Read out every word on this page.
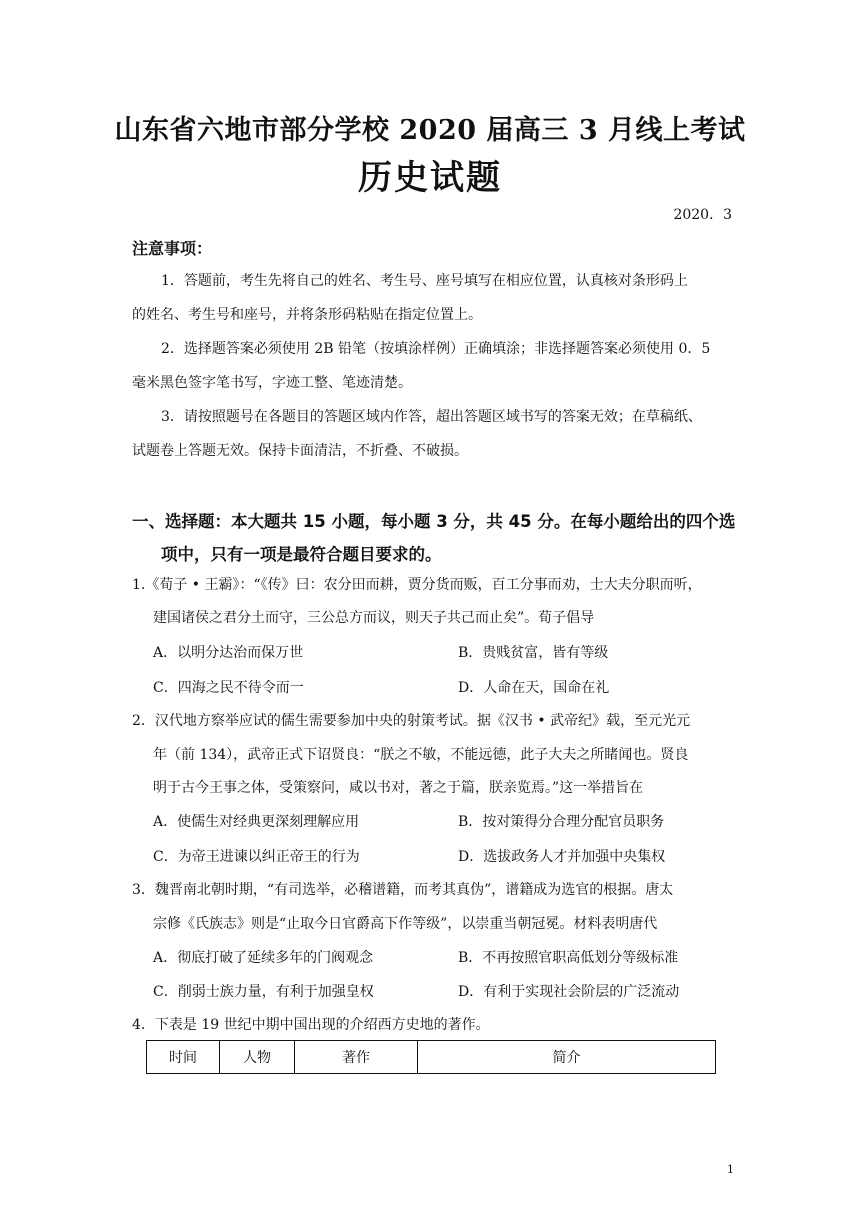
山东省六地市部分学校 2020 届高三 3 月线上考试
历史试题
2020．3
注意事项：
1．答题前，考生先将自己的姓名、考生号、座号填写在相应位置，认真核对条形码上
的姓名、考生号和座号，并将条形码粘贴在指定位置上。
2．选择题答案必须使用 2B 铅笔（按填涂样例）正确填涂；非选择题答案必须使用 0．5
毫米黑色签字笔书写，字迹工整、笔迹清楚。
3．请按照题号在各题目的答题区域内作答，超出答题区域书写的答案无效；在草稿纸、
试题卷上答题无效。保持卡面清洁，不折叠、不破损。
一、选择题：本大题共 15 小题，每小题 3 分，共 45 分。在每小题给出的四个选
项中，只有一项是最符合题目要求的。
1.《荀子 • 王霸》：“《传》曰：农分田而耕，贾分货而贩，百工分事而劝，士大夫分职而听，
建国诸侯之君分土而守，三公总方而议，则天子共己而止矣”。荀子倡导
A．以明分达治而保万世	B．贵贱贫富，皆有等级
C．四海之民不待令而一	D．人命在天，国命在礼
2．汉代地方察举应试的儒生需要参加中央的射策考试。据《汉书 • 武帝纪》载，至元光元
年（前 134），武帝正式下诏贤良：“朕之不敏，不能远德，此子大夫之所睹闻也。贤良
明于古今王事之体，受策察问，咸以书对，著之于篇，朕亲览焉。”这一举措旨在
A．使儒生对经典更深刻理解应用	B．按对策得分合理分配官员职务
C．为帝王进谏以纠正帝王的行为	D．选拔政务人才并加强中央集权
3．魏晋南北朝时期，“有司选举，必稽谱籍，而考其真伪”，谱籍成为选官的根据。唐太
宗修《氏族志》则是“止取今日官爵高下作等级”，以崇重当朝冠冕。材料表明唐代
A．彻底打破了延续多年的门阀观念	B．不再按照官职高低划分等级标准
C．削弱士族力量，有利于加强皇权	D．有利于实现社会阶层的广泛流动
4．下表是 19 世纪中期中国出现的介绍西方史地的著作。
时间	人物	著作	简介
1
